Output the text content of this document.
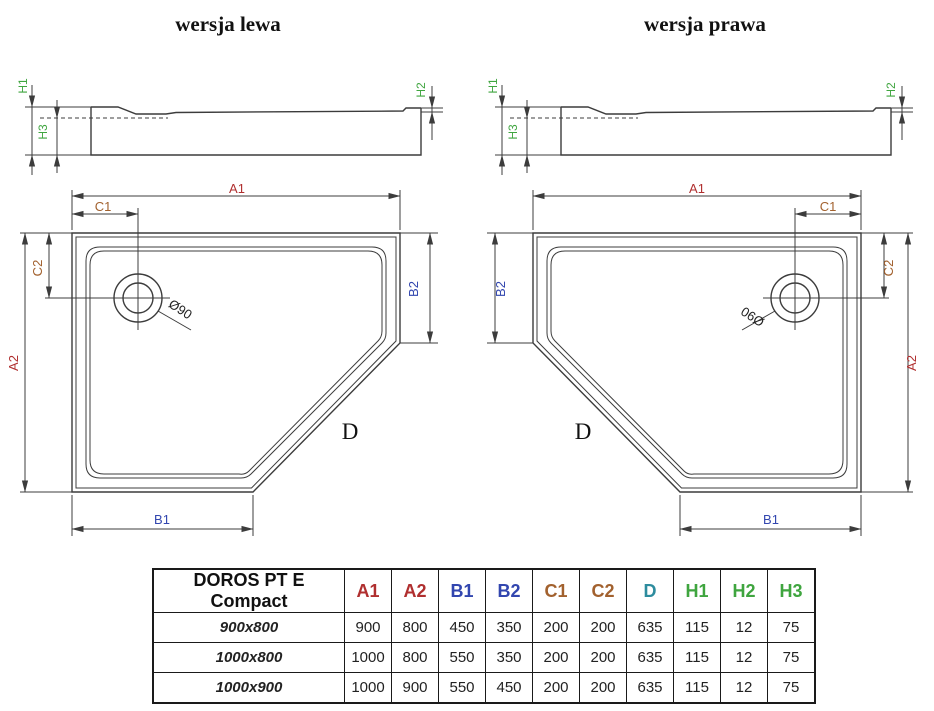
wersja lewa	wersja prawa
H1
H3
H2	H1
H3
H2
A1
C1
C2
A2
B2
B1
D
Ø90
A1
C1
C2
A2
B2
B1
D
Ø90
DOROS PT E Compact	A1	A2	B1	B2	C1	C2	D	H1	H2	H3
900x800	900	800	450	350	200	200	635	115	12	75
1000x800	1000	800	550	350	200	200	635	115	12	75
1000x900	1000	900	550	450	200	200	635	115	12	75
